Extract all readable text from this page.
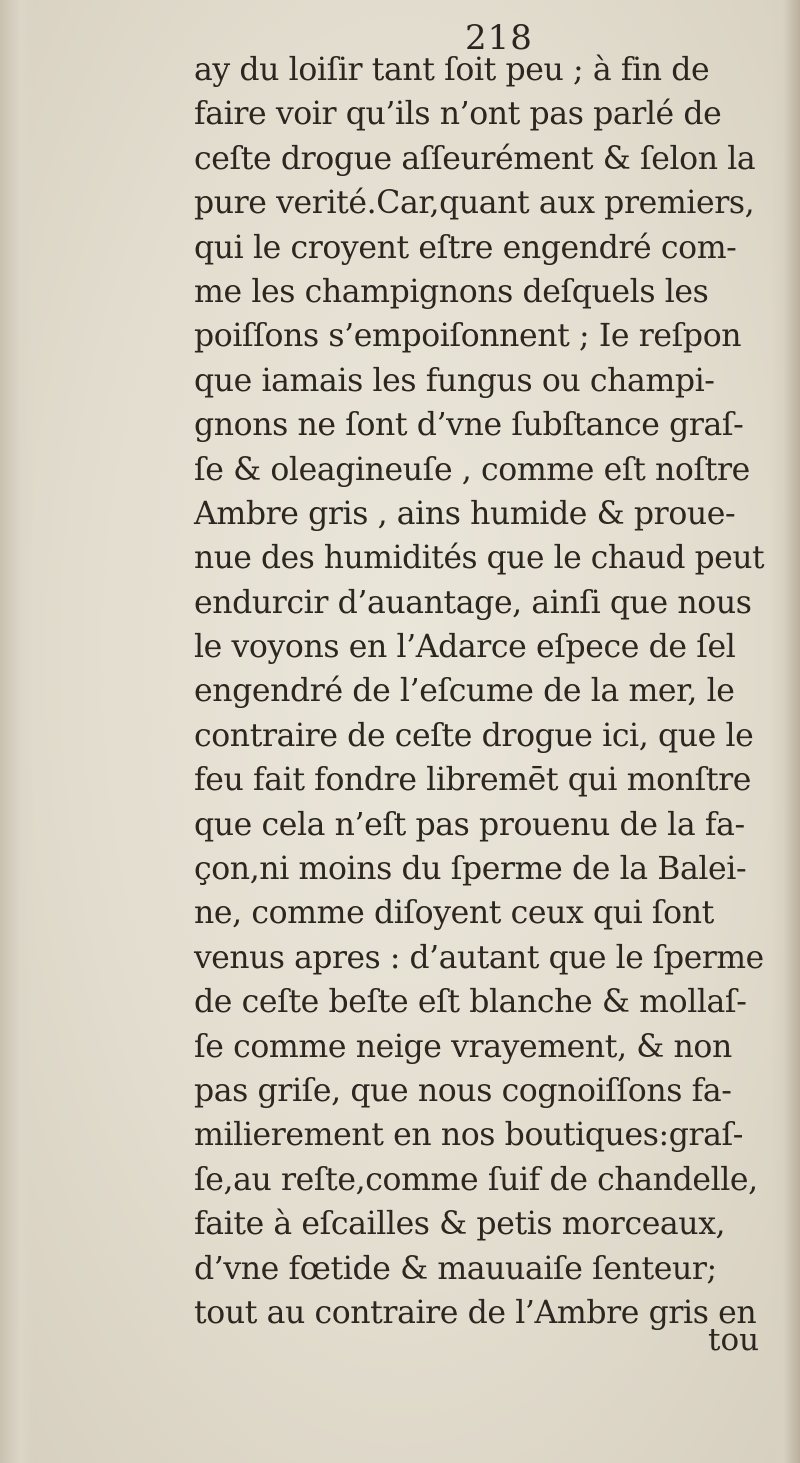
218
ay du loiſir tant ſoit peu ; à fin de
faire voir qu’ils n’ont pas parlé de
ceſte drogue aſſeurément & ſelon la
pure verité.Car,quant aux premiers,
qui le croyent eſtre engendré com-
me les champignons deſquels les
poiſſons s’empoiſonnent ; Ie reſpon
que iamais les fungus ou champi-
gnons ne ſont d’vne ſubſtance graſ-
ſe & oleagineuſe , comme eſt noſtre
Ambre gris , ains humide & proue-
nue des humidités que le chaud peut
endurcir d’auantage, ainſi que nous
le voyons en l’Adarce eſpece de ſel
engendré de l’eſcume de la mer, le
contraire de ceſte drogue ici, que le
feu fait fondre libremēt qui monſtre
que cela n’eſt pas prouenu de la fa-
çon,ni moins du ſperme de la Balei-
ne, comme diſoyent ceux qui ſont
venus apres : d’autant que le ſperme
de ceſte beſte eſt blanche & mollaſ-
ſe comme neige vrayement, & non
pas griſe, que nous cognoiſſons fa-
milierement en nos boutiques:graſ-
ſe,au reſte,comme ſuif de chandelle,
faite à eſcailles & petis morceaux,
d’vne fœtide & mauuaiſe ſenteur;
tout au contraire de l’Ambre gris en
tou
